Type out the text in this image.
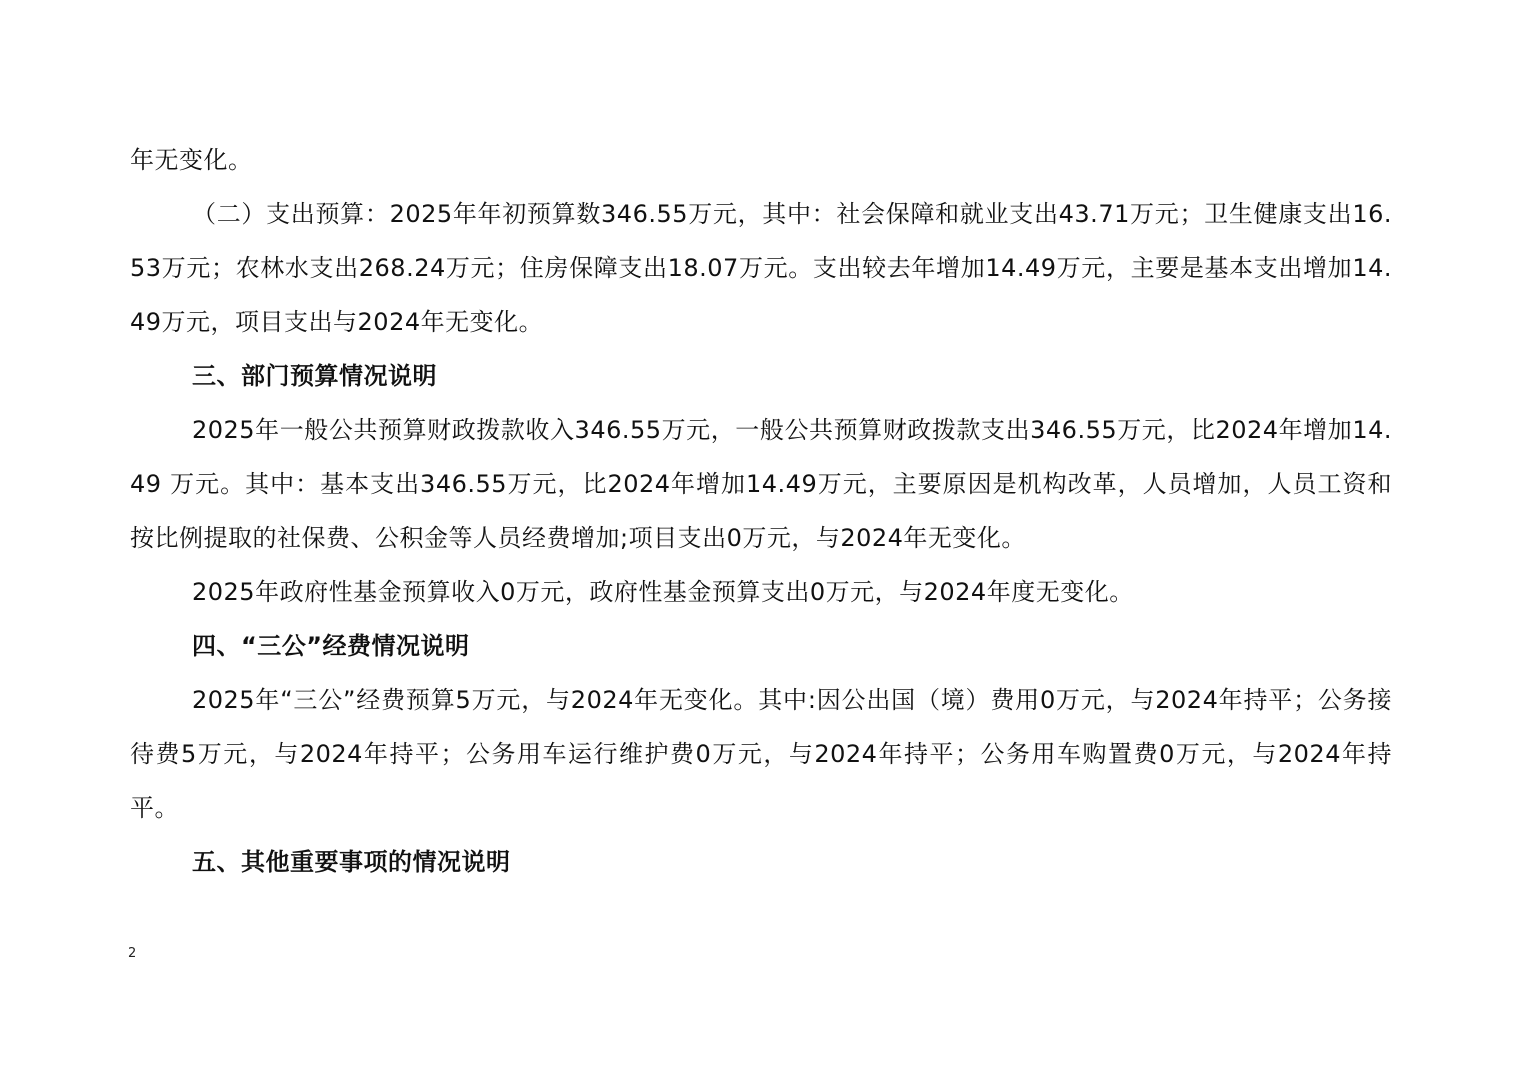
年无变化。

（二）支出预算：2025年年初预算数346.55万元，其中：社会保障和就业支出43.71万元；卫生健康支出16.53万元；农林水支出268.24万元；住房保障支出18.07万元。支出较去年增加14.49万元，主要是基本支出增加14.49万元，项目支出与2024年无变化。

三、部门预算情况说明

2025年一般公共预算财政拨款收入346.55万元，一般公共预算财政拨款支出346.55万元，比2024年增加14.49 万元。其中：基本支出346.55万元，比2024年增加14.49万元，主要原因是机构改革，人员增加，人员工资和按比例提取的社保费、公积金等人员经费增加;项目支出0万元，与2024年无变化。

2025年政府性基金预算收入0万元，政府性基金预算支出0万元，与2024年度无变化。

四、“三公”经费情况说明

2025年“三公”经费预算5万元，与2024年无变化。其中:因公出国（境）费用0万元，与2024年持平；公务接待费5万元，与2024年持平；公务用车运行维护费0万元，与2024年持平；公务用车购置费0万元，与2024年持平。

五、其他重要事项的情况说明
2
